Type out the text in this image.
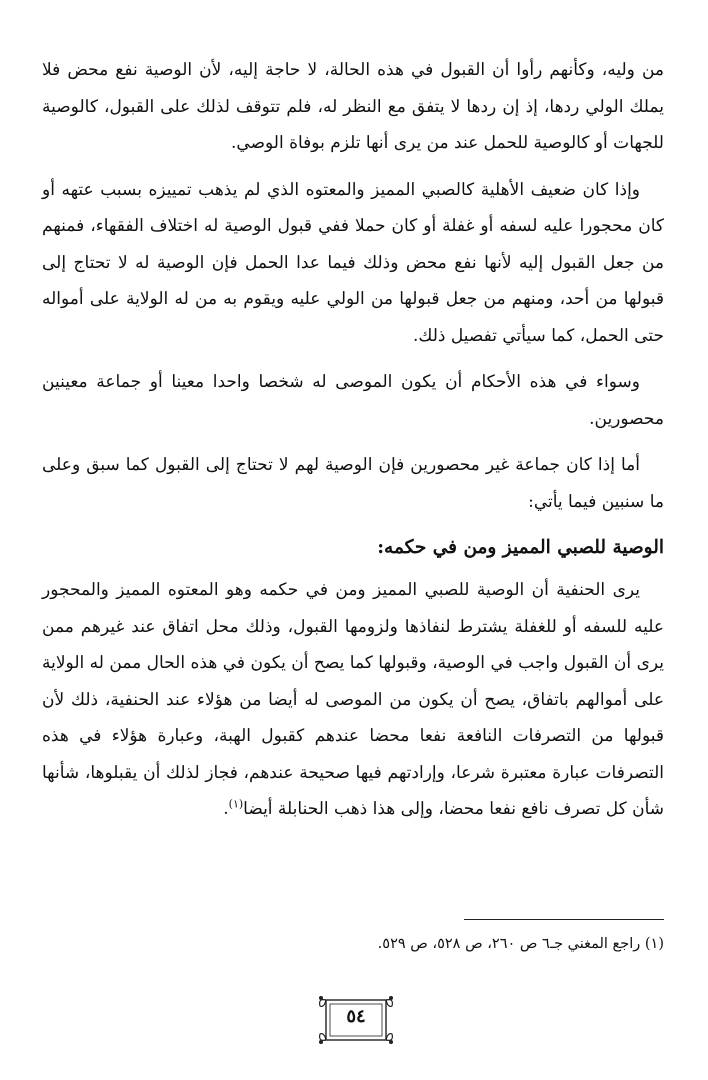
من وليه، وكأنهم رأوا أن القبول في هذه الحالة، لا حاجة إليه، لأن الوصية نفع محض فلا يملك الولي ردها، إذ إن ردها لا يتفق مع النظر له، فلم تتوقف لذلك على القبول، كالوصية للجهات أو كالوصية للحمل عند من يرى أنها تلزم بوفاة الوصي.

وإذا كان ضعيف الأهلية كالصبي المميز والمعتوه الذي لم يذهب تمييزه بسبب عتهه أو كان محجورا عليه لسفه أو غفلة أو كان حملا ففي قبول الوصية له اختلاف الفقهاء، فمنهم من جعل القبول إليه لأنها نفع محض وذلك فيما عدا الحمل فإن الوصية له لا تحتاج إلى قبولها من أحد، ومنهم من جعل قبولها من الولي عليه ويقوم به من له الولاية على أمواله حتى الحمل، كما سيأتي تفصيل ذلك.

وسواء في هذه الأحكام أن يكون الموصى له شخصا واحدا معينا أو جماعة معينين محصورين.

أما إذا كان جماعة غير محصورين فإن الوصية لهم لا تحتاج إلى القبول كما سبق وعلى ما سنبين فيما يأتي:

الوصية للصبي المميز ومن في حكمه:

يرى الحنفية أن الوصية للصبي المميز ومن في حكمه وهو المعتوه المميز والمحجور عليه للسفه أو للغفلة يشترط لنفاذها ولزومها القبول، وذلك محل اتفاق عند غيرهم ممن يرى أن القبول واجب في الوصية، وقبولها كما يصح أن يكون في هذه الحال ممن له الولاية على أموالهم باتفاق، يصح أن يكون من الموصى له أيضا من هؤلاء عند الحنفية، ذلك لأن قبولها من التصرفات النافعة نفعا محضا عندهم كقبول الهبة، وعبارة هؤلاء في هذه التصرفات عبارة معتبرة شرعا، وإرادتهم فيها صحيحة عندهم، فجاز لذلك أن يقبلوها، شأنها شأن كل تصرف نافع نفعا محضا، وإلى هذا ذهب الحنابلة أيضا$^{(١)}$.

(١) راجع المغني جـ٦ ص ٢٦٠، ص ٥٢٨، ص ٥٢٩.
٥٤
